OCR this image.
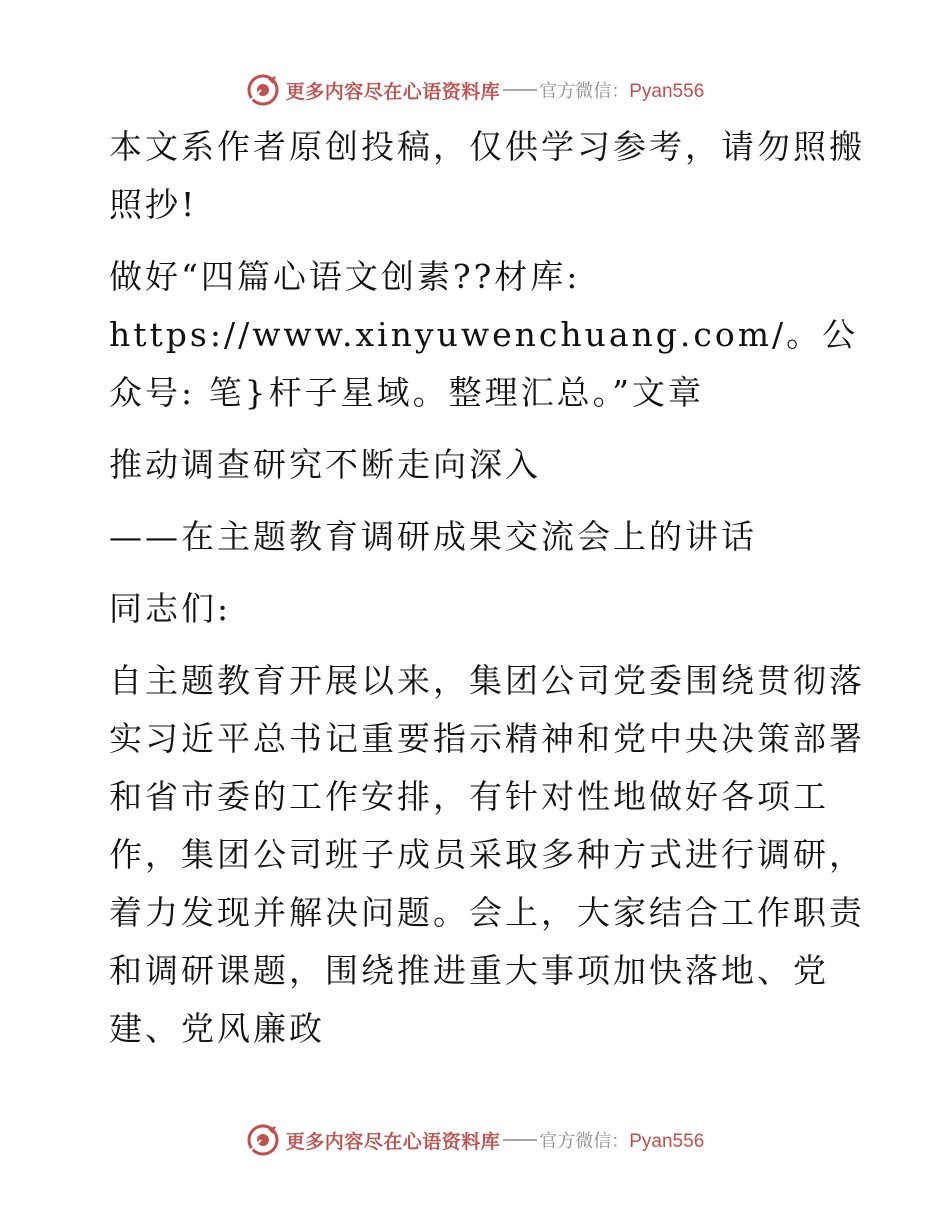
更多内容尽在心语资料库 官方微信：Pyan556

本文系作者原创投稿，仅供学习参考，请勿照搬照抄!

做好“四篇心语文创素??材库: https://www.xinyuwenchuang.com/。公众号: 笔}杆子星域。整理汇总。”文章

推动调查研究不断走向深入

——在主题教育调研成果交流会上的讲话

同志们:

自主题教育开展以来，集团公司党委围绕贯彻落实习近平总书记重要指示精神和党中央决策部署和省市委的工作安排，有针对性地做好各项工作，集团公司班子成员采取多种方式进行调研，着力发现并解决问题。会上，大家结合工作职责和调研课题，围绕推进重大事项加快落地、党建、党风廉政

更多内容尽在心语资料库 官方微信：Pyan556
